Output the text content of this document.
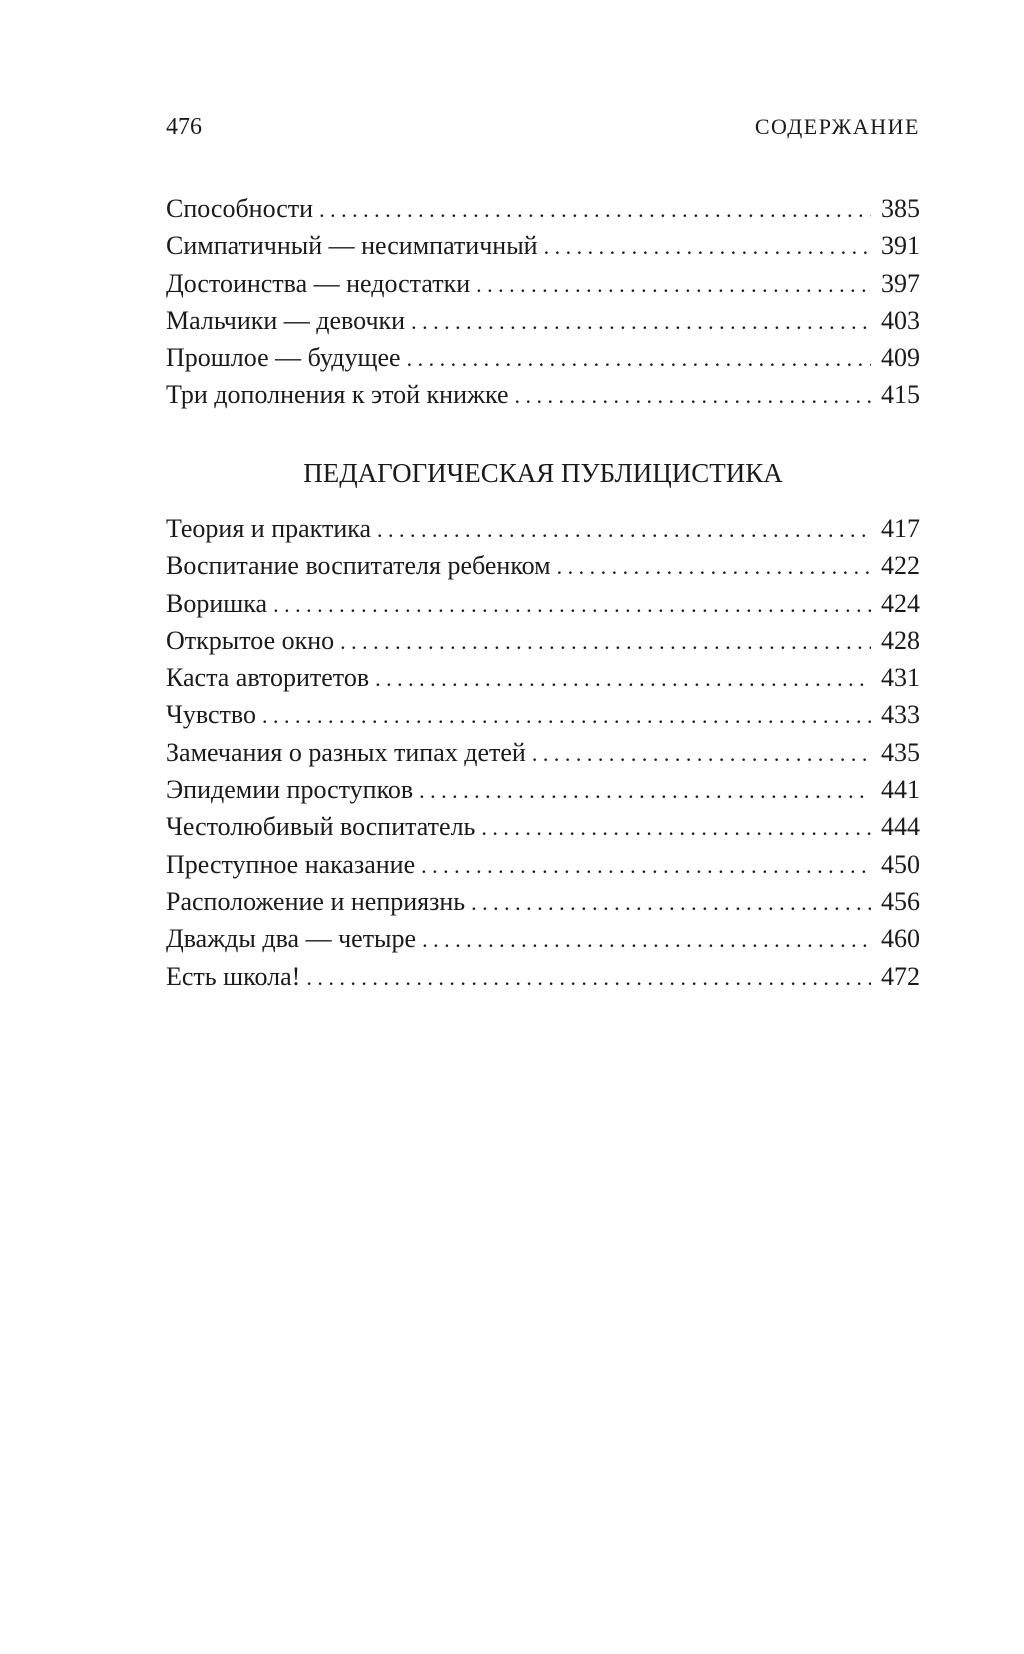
476	СОДЕРЖАНИЕ
Способности . . .	385
Симпатичный — несимпатичный . . .	391
Достоинства — недостатки . . .	397
Мальчики — девочки . . .	403
Прошлое — будущее . . .	409
Три дополнения к этой книжке . . .	415
ПЕДАГОГИЧЕСКАЯ ПУБЛИЦИСТИКА
Теория и практика . . .	417
Воспитание воспитателя ребенком . . .	422
Воришка . . .	424
Открытое окно . . .	428
Каста авторитетов . . .	431
Чувство . . .	433
Замечания о разных типах детей . . .	435
Эпидемии проступков . . .	441
Честолюбивый воспитатель . . .	444
Преступное наказание . . .	450
Расположение и неприязнь . . .	456
Дважды два — четыре . . .	460
Есть школа! . . .	472
